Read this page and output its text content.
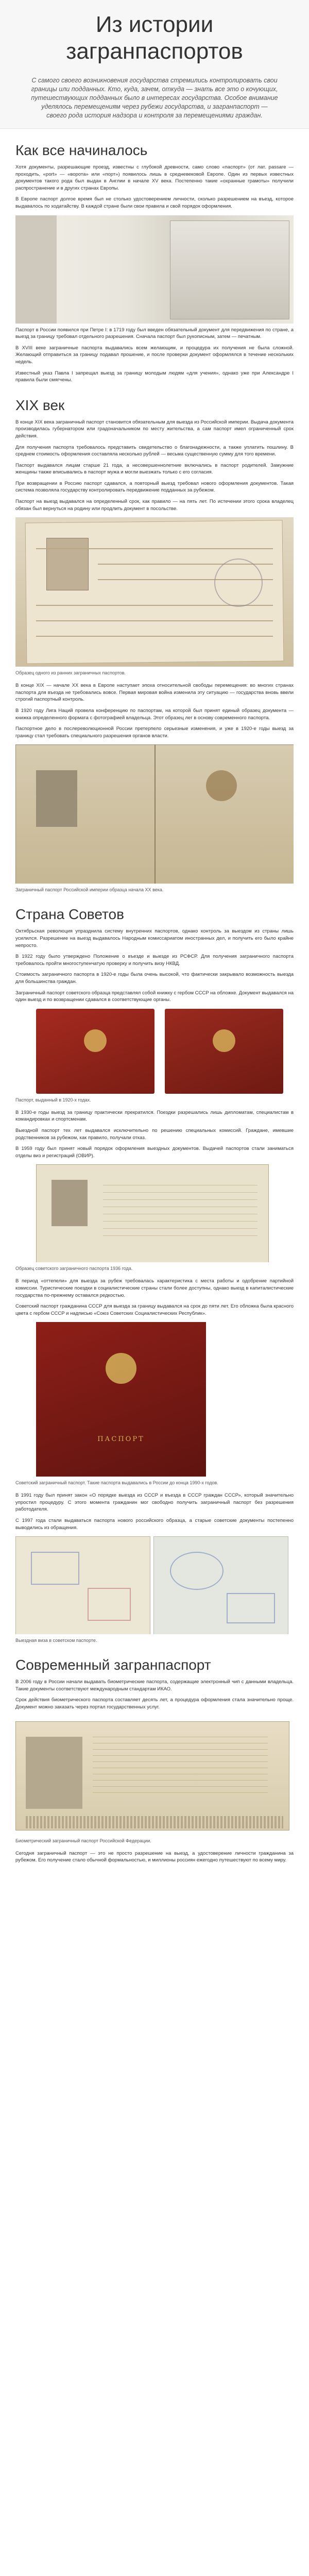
Из истории загранпаспортов
С самого своего возникновения государства стремились контролировать свои границы или подданных. Кто, куда, зачем, откуда — знать все это о кочующих, путешествующих подданных было в интересах государства. Особое внимание уделялось перемещениям через рубежи государства, и загранпаспорт — своего рода история надзора и контроля за перемещениями граждан.
Как все начиналось

Хотя документы, разрешающие проезд, известны с глубокой древности, само слово «паспорт» (от лат. passare — проходить, «port» — «ворота» или «порт») появилось лишь в средневековой Европе. Один из первых известных документов такого рода был выдан в Англии в начале XV века. Постепенно такие «охранные грамоты» получили распространение и в других странах Европы.

В Европе паспорт долгое время был не столько удостоверением личности, сколько разрешением на въезд, которое выдавалось по ходатайству. В каждой стране были свои правила и свой порядок оформления.

Паспорт в России появился при Петре I: в 1719 году был введен обязательный документ для передвижения по стране, а выезд за границу требовал отдельного разрешения. Сначала паспорт был рукописным, затем — печатным.

В XVIII веке заграничные паспорта выдавались всем желающим, и процедура их получения не была сложной. Желающий отправиться за границу подавал прошение, и после проверки документ оформлялся в течение нескольких недель.

Известный указ Павла I запрещал выезд за границу молодым людям «для учения», однако уже при Александре I правила были смягчены.

XIX век

В конце XIX века заграничный паспорт становится обязательным для выезда из Российской империи. Выдача документа производилась губернатором или градоначальником по месту жительства, а сам паспорт имел ограниченный срок действия.

Для получения паспорта требовалось представить свидетельство о благонадежности, а также уплатить пошлину. В среднем стоимость оформления составляла несколько рублей — весьма существенную сумму для того времени.

Паспорт выдавался лицам старше 21 года, а несовершеннолетние включались в паспорт родителей. Замужние женщины также вписывались в паспорт мужа и могли выезжать только с его согласия.

При возвращении в Россию паспорт сдавался, а повторный выезд требовал нового оформления документов. Такая система позволяла государству контролировать передвижение подданных за рубежом.

Паспорт на выезд выдавался на определенный срок, как правило — на пять лет. По истечении этого срока владелец обязан был вернуться на родину или продлить документ в посольстве.

Образец одного из ранних заграничных паспортов.

В конце XIX — начале XX века в Европе наступает эпоха относительной свободы перемещения: во многих странах паспорта для въезда не требовались вовсе. Первая мировая война изменила эту ситуацию — государства вновь ввели строгий паспортный контроль.

В 1920 году Лига Наций провела конференцию по паспортам, на которой был принят единый образец документа — книжка определенного формата с фотографией владельца. Этот образец лег в основу современного паспорта.

Паспортное дело в послереволюционной России претерпело серьезные изменения, и уже в 1920-е годы выезд за границу стал требовать специального разрешения органов власти.

Заграничный паспорт Российской империи образца начала XX века.
Страна Советов

Октябрьская революция упразднила систему внутренних паспортов, однако контроль за выездом из страны лишь усилился. Разрешение на выезд выдавалось Народным комиссариатом иностранных дел, и получить его было крайне непросто.

В 1922 году было утверждено Положение о въезде и выезде из РСФСР. Для получения заграничного паспорта требовалось пройти многоступенчатую проверку и получить визу НКВД.

Стоимость заграничного паспорта в 1920-е годы была очень высокой, что фактически закрывало возможность выезда для большинства граждан.

Заграничный паспорт советского образца представлял собой книжку с гербом СССР на обложке. Документ выдавался на один выезд и по возвращении сдавался в соответствующие органы.

Паспорт, выданный в 1920-х годах.

В 1930-е годы выезд за границу практически прекратился. Поездки разрешались лишь дипломатам, специалистам в командировках и спортсменам.

Выездной паспорт тех лет выдавался исключительно по решению специальных комиссий. Граждане, имевшие родственников за рубежом, как правило, получали отказ.

В 1959 году был принят новый порядок оформления выездных документов. Выдачей паспортов стали заниматься отделы виз и регистраций (ОВИР).

Образец советского заграничного паспорта 1936 года.

В период «оттепели» для выезда за рубеж требовалась характеристика с места работы и одобрение партийной комиссии. Туристические поездки в социалистические страны стали более доступны, однако выезд в капиталистические государства по-прежнему оставался редкостью.

Советский паспорт гражданина СССР для выезда за границу выдавался на срок до пяти лет. Его обложка была красного цвета с гербом СССР и надписью «Союз Советских Социалистических Республик».

ПАСПОРТ
Советский заграничный паспорт. Такие паспорта выдавались в России до конца 1990-х годов.

В 1991 году был принят закон «О порядке выезда из СССР и въезда в СССР граждан СССР», который значительно упростил процедуру. С этого момента гражданин мог свободно получить заграничный паспорт без разрешения работодателя.

С 1997 года стали выдаваться паспорта нового российского образца, а старые советские документы постепенно выводились из обращения.

Выездная виза в советском паспорте.
Современный загранпаспорт

В 2006 году в России начали выдавать биометрические паспорта, содержащие электронный чип с данными владельца. Такие документы соответствуют международным стандартам ИКАО.

Срок действия биометрического паспорта составляет десять лет, а процедура оформления стала значительно проще. Документ можно заказать через портал государственных услуг.

Биометрический заграничный паспорт Российской Федерации.

Сегодня заграничный паспорт — это не просто разрешение на выезд, а удостоверение личности гражданина за рубежом. Его получение стало обычной формальностью, и миллионы россиян ежегодно путешествуют по всему миру.
